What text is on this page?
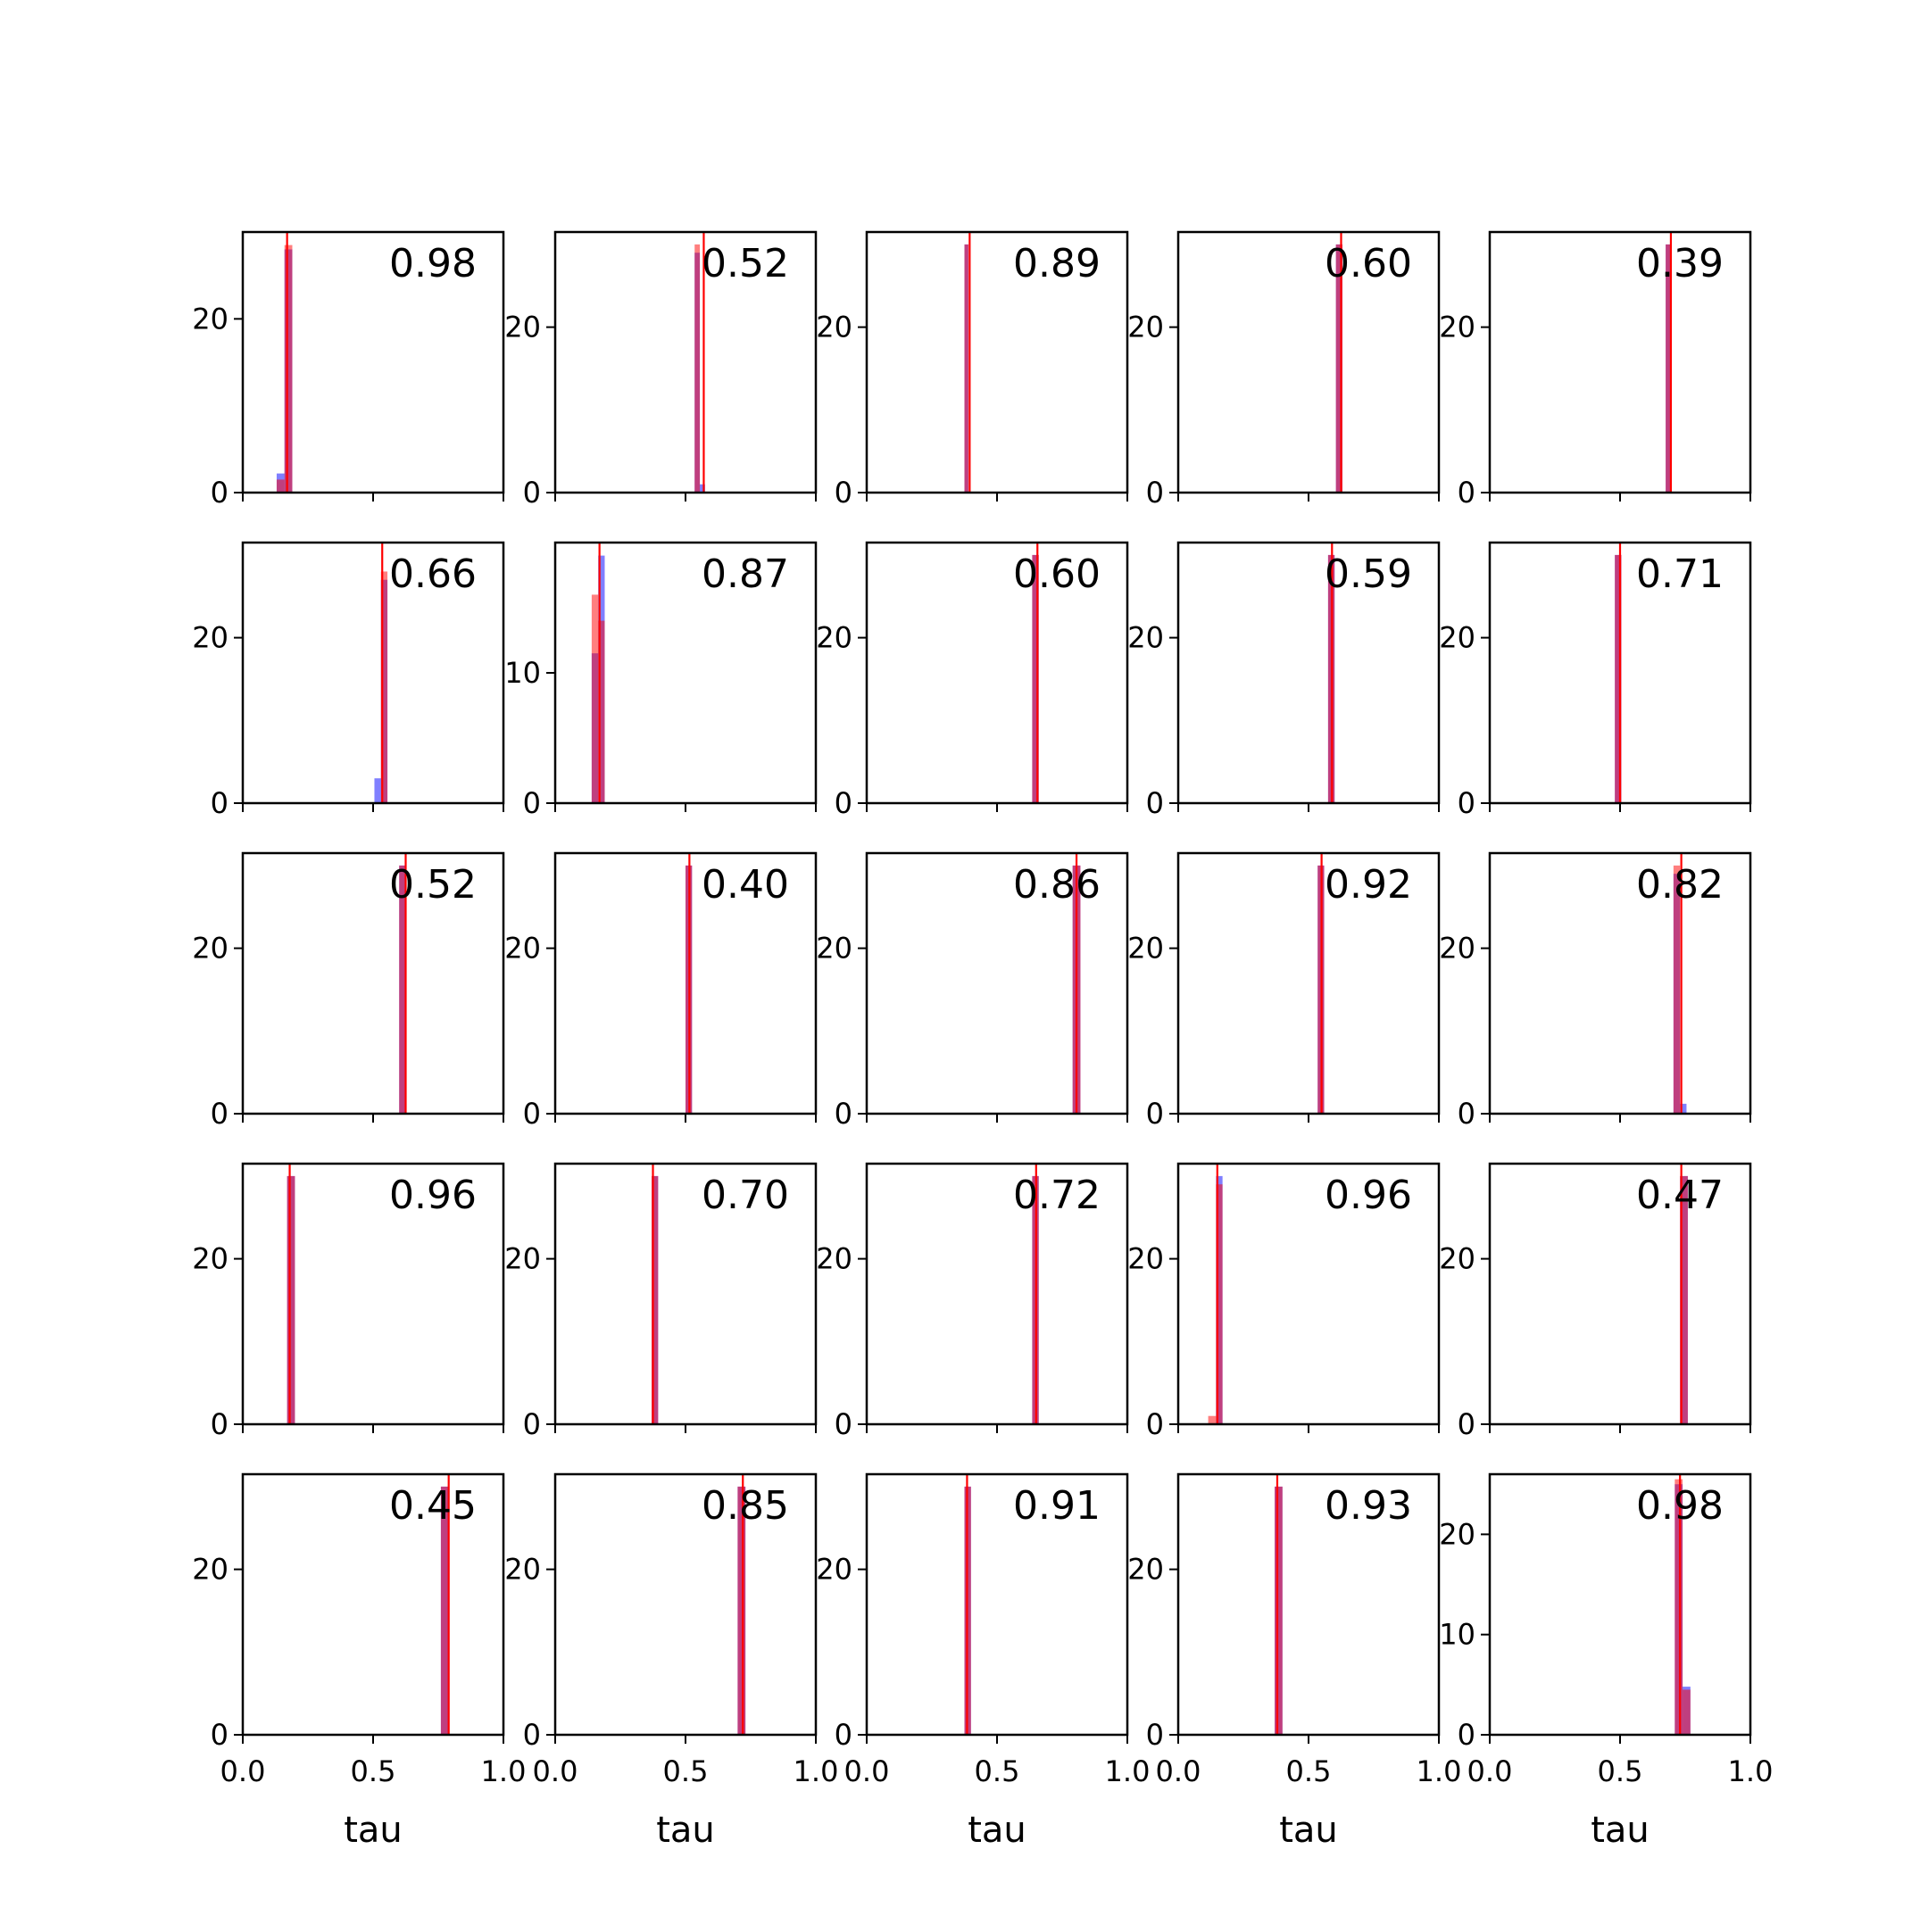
0
20
0.98
0
20
0.52
0
20
0.89
0
20
0.60
0
20
0.39
0
20
0.66
0
10
0.87
0
20
0.60
0
20
0.59
0
20
0.71
0
20
0.52
0
20
0.40
0
20
0.86
0
20
0.92
0
20
0.82
0
20
0.96
0
20
0.70
0
20
0.72
0
20
0.96
0
20
0.47
0
20
0.0	0.5	1.0
tau
0.45
0
20
0.0	0.5	1.0
tau
0.85
0
20
0.0	0.5	1.0
tau
0.91
0
20
0.0	0.5	1.0
tau
0.93
0
10
20
0.0	0.5	1.0
tau
0.98
